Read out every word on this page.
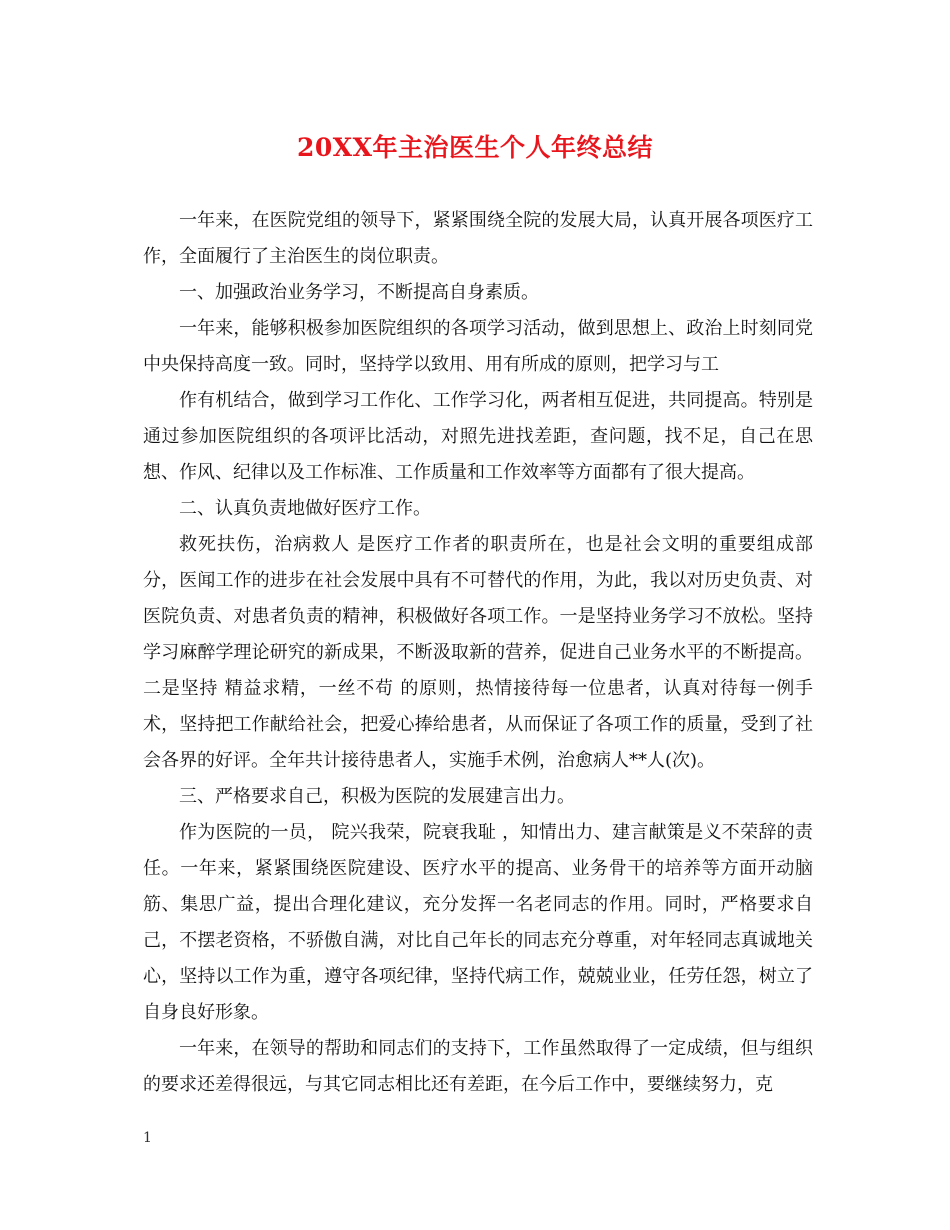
20XX年主治医生个人年终总结

一年来，在医院党组的领导下，紧紧围绕全院的发展大局，认真开展各项医疗工作，全面履行了主治医生的岗位职责。

一、加强政治业务学习，不断提高自身素质。

一年来，能够积极参加医院组织的各项学习活动，做到思想上、政治上时刻同党中央保持高度一致。同时，坚持学以致用、用有所成的原则，把学习与工

作有机结合，做到学习工作化、工作学习化，两者相互促进，共同提高。特别是通过参加医院组织的各项评比活动，对照先进找差距，查问题，找不足，自己在思想、作风、纪律以及工作标准、工作质量和工作效率等方面都有了很大提高。

二、认真负责地做好医疗工作。

救死扶伤，治病救人 是医疗工作者的职责所在，也是社会文明的重要组成部分，医闻工作的进步在社会发展中具有不可替代的作用，为此，我以对历史负责、对医院负责、对患者负责的精神，积极做好各项工作。一是坚持业务学习不放松。坚持学习麻醉学理论研究的新成果，不断汲取新的营养，促进自己业务水平的不断提高。二是坚持 精益求精，一丝不苟 的原则，热情接待每一位患者，认真对待每一例手术，坚持把工作献给社会，把爱心捧给患者，从而保证了各项工作的质量，受到了社会各界的好评。全年共计接待患者人，实施手术例，治愈病人**人(次)。

三、严格要求自己，积极为医院的发展建言出力。

作为医院的一员， 院兴我荣，院衰我耻 ，知情出力、建言献策是义不荣辞的责任。一年来，紧紧围绕医院建设、医疗水平的提高、业务骨干的培养等方面开动脑筋、集思广益，提出合理化建议，充分发挥一名老同志的作用。同时，严格要求自己，不摆老资格，不骄傲自满，对比自己年长的同志充分尊重，对年轻同志真诚地关心，坚持以工作为重，遵守各项纪律，坚持代病工作，兢兢业业，任劳任怨，树立了自身良好形象。

一年来，在领导的帮助和同志们的支持下，工作虽然取得了一定成绩，但与组织的要求还差得很远，与其它同志相比还有差距，在今后工作中，要继续努力，克

1
